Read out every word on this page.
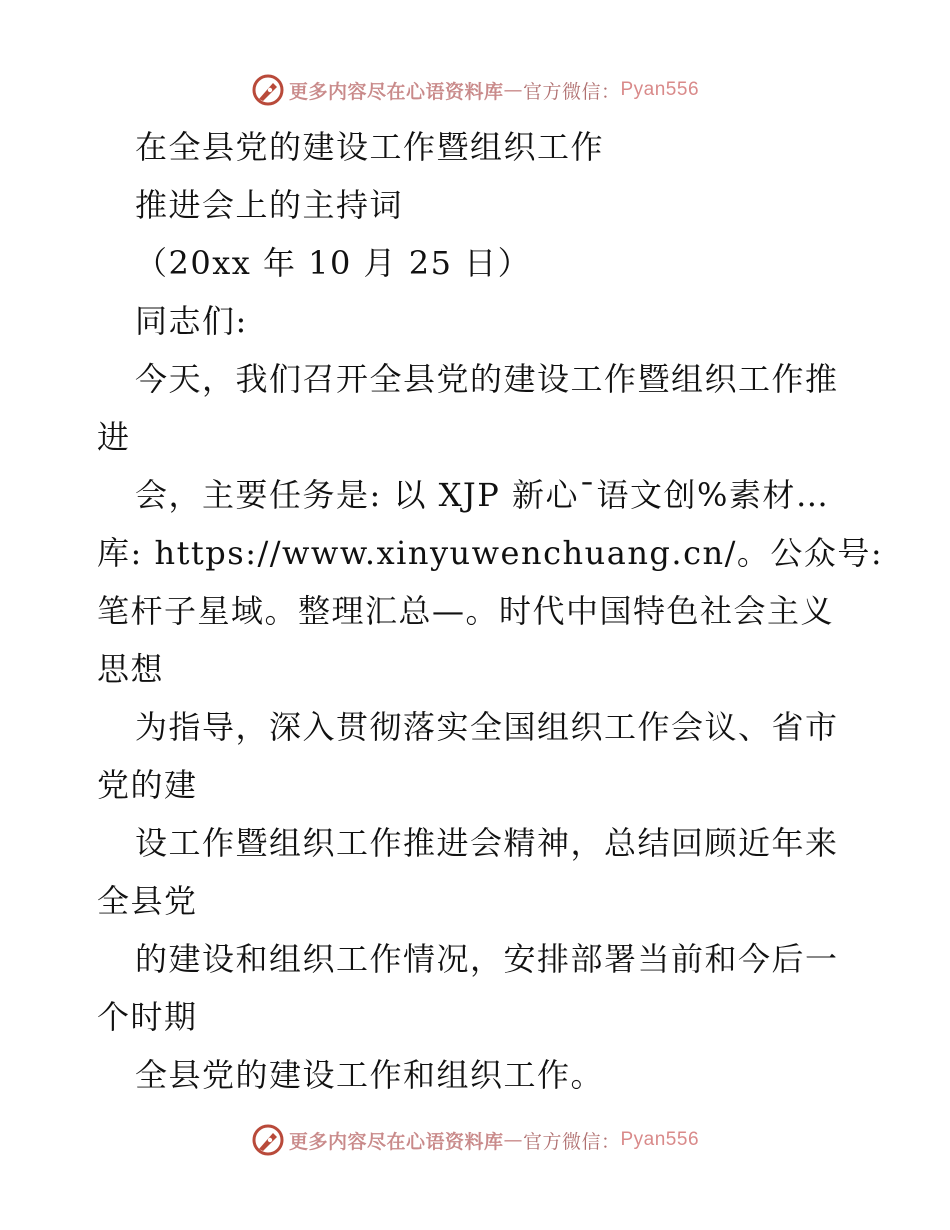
更多内容尽在心语资料库 — 官方微信： Pyan556
在全县党的建设工作暨组织工作
推进会上的主持词
（20xx 年 10 月 25 日）
同志们:
今天，我们召开全县党的建设工作暨组织工作推
进
会，主要任务是: 以 XJP 新心¯语文创%素材…
库: https://www.xinyuwenchuang.cn/。公众号:
笔杆子星域。整理汇总—。时代中国特色社会主义
思想
为指导，深入贯彻落实全国组织工作会议、省市
党的建
设工作暨组织工作推进会精神，总结回顾近年来
全县党
的建设和组织工作情况，安排部署当前和今后一
个时期
全县党的建设工作和组织工作。
更多内容尽在心语资料库 — 官方微信： Pyan556
